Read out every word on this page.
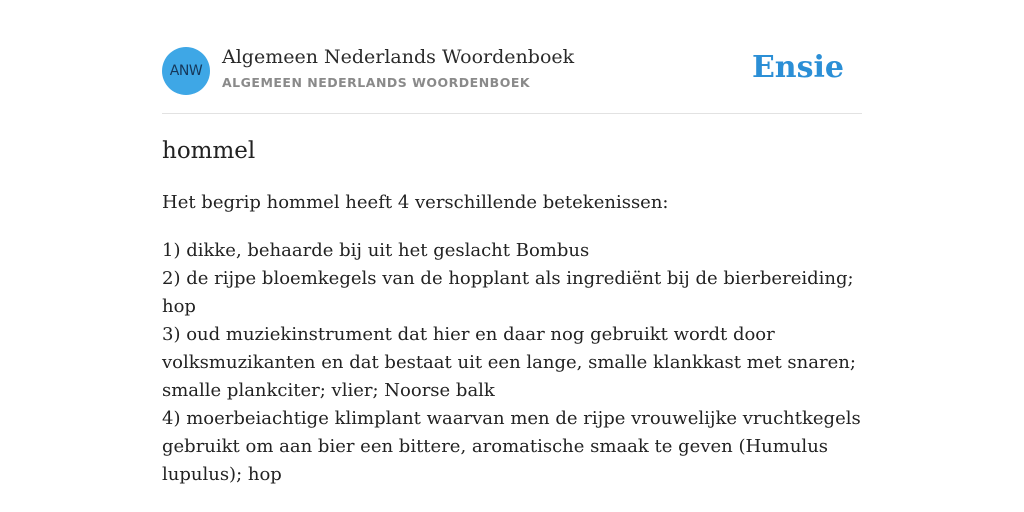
ANW
Algemeen Nederlands Woordenboek
ALGEMEEN NEDERLANDS WOORDENBOEK	Ensie
hommel

Het begrip hommel heeft 4 verschillende betekenissen:

1) dikke, behaarde bij uit het geslacht Bombus
2) de rijpe bloemkegels van de hopplant als ingrediënt bij de bierbereiding; hop
3) oud muziekinstrument dat hier en daar nog gebruikt wordt door volksmuzikanten en dat bestaat uit een lange, smalle klankkast met snaren; smalle plankciter; vlier; Noorse balk
4) moerbeiachtige klimplant waarvan men de rijpe vrouwelijke vruchtkegels gebruikt om aan bier een bittere, aromatische smaak te geven (Humulus lupulus); hop
